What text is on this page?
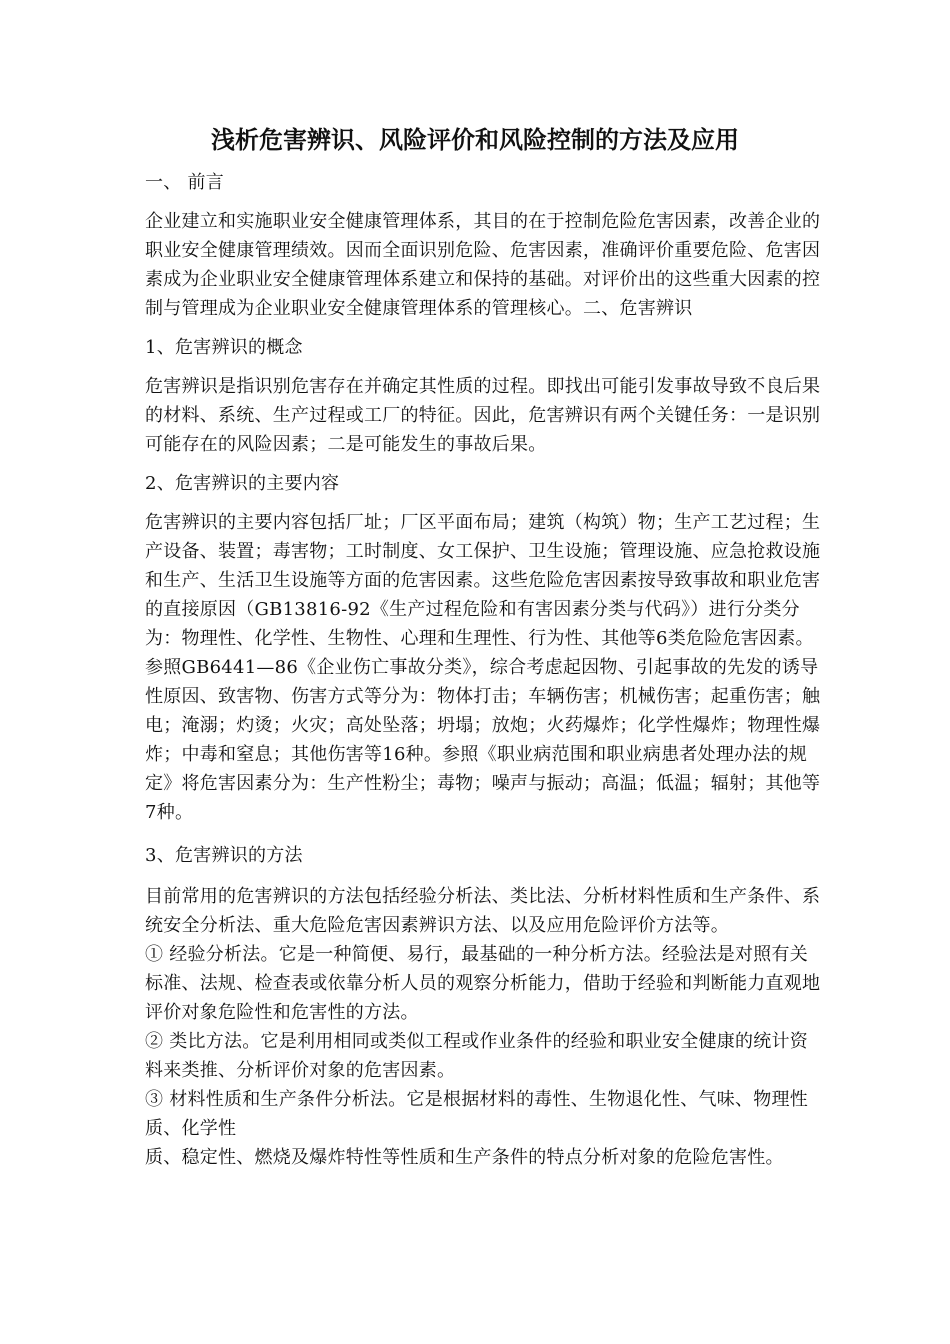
浅析危害辨识、风险评价和风险控制的方法及应用

一、 前言

企业建立和实施职业安全健康管理体系，其目的在于控制危险危害因素，改善企业的职业安全健康管理绩效。因而全面识别危险、危害因素，准确评价重要危险、危害因素成为企业职业安全健康管理体系建立和保持的基础。对评价出的这些重大因素的控制与管理成为企业职业安全健康管理体系的管理核心。二、危害辨识

1、危害辨识的概念

危害辨识是指识别危害存在并确定其性质的过程。即找出可能引发事故导致不良后果的材料、系统、生产过程或工厂的特征。因此，危害辨识有两个关键任务：一是识别可能存在的风险因素；二是可能发生的事故后果。

2、危害辨识的主要内容

危害辨识的主要内容包括厂址；厂区平面布局；建筑（构筑）物；生产工艺过程；生产设备、装置；毒害物；工时制度、女工保护、卫生设施；管理设施、应急抢救设施和生产、生活卫生设施等方面的危害因素。这些危险危害因素按导致事故和职业危害的直接原因（GB13816-92《生产过程危险和有害因素分类与代码》）进行分类分为：物理性、化学性、生物性、心理和生理性、行为性、其他等6类危险危害因素。参照GB6441—86《企业伤亡事故分类》，综合考虑起因物、引起事故的先发的诱导性原因、致害物、伤害方式等分为：物体打击；车辆伤害；机械伤害；起重伤害；触电；淹溺；灼烫；火灾；高处坠落；坍塌；放炮；火药爆炸；化学性爆炸；物理性爆炸；中毒和窒息；其他伤害等16种。参照《职业病范围和职业病患者处理办法的规定》将危害因素分为：生产性粉尘；毒物；噪声与振动；高温；低温；辐射；其他等7种。

3、危害辨识的方法

目前常用的危害辨识的方法包括经验分析法、类比法、分析材料性质和生产条件、系统安全分析法、重大危险危害因素辨识方法、以及应用危险评价方法等。

① 经验分析法。它是一种简便、易行，最基础的一种分析方法。经验法是对照有关标准、法规、检查表或依靠分析人员的观察分析能力，借助于经验和判断能力直观地评价对象危险性和危害性的方法。

② 类比方法。它是利用相同或类似工程或作业条件的经验和职业安全健康的统计资料来类推、分析评价对象的危害因素。

③ 材料性质和生产条件分析法。它是根据材料的毒性、生物退化性、气味、物理性质、化学性

质、稳定性、燃烧及爆炸特性等性质和生产条件的特点分析对象的危险危害性。
